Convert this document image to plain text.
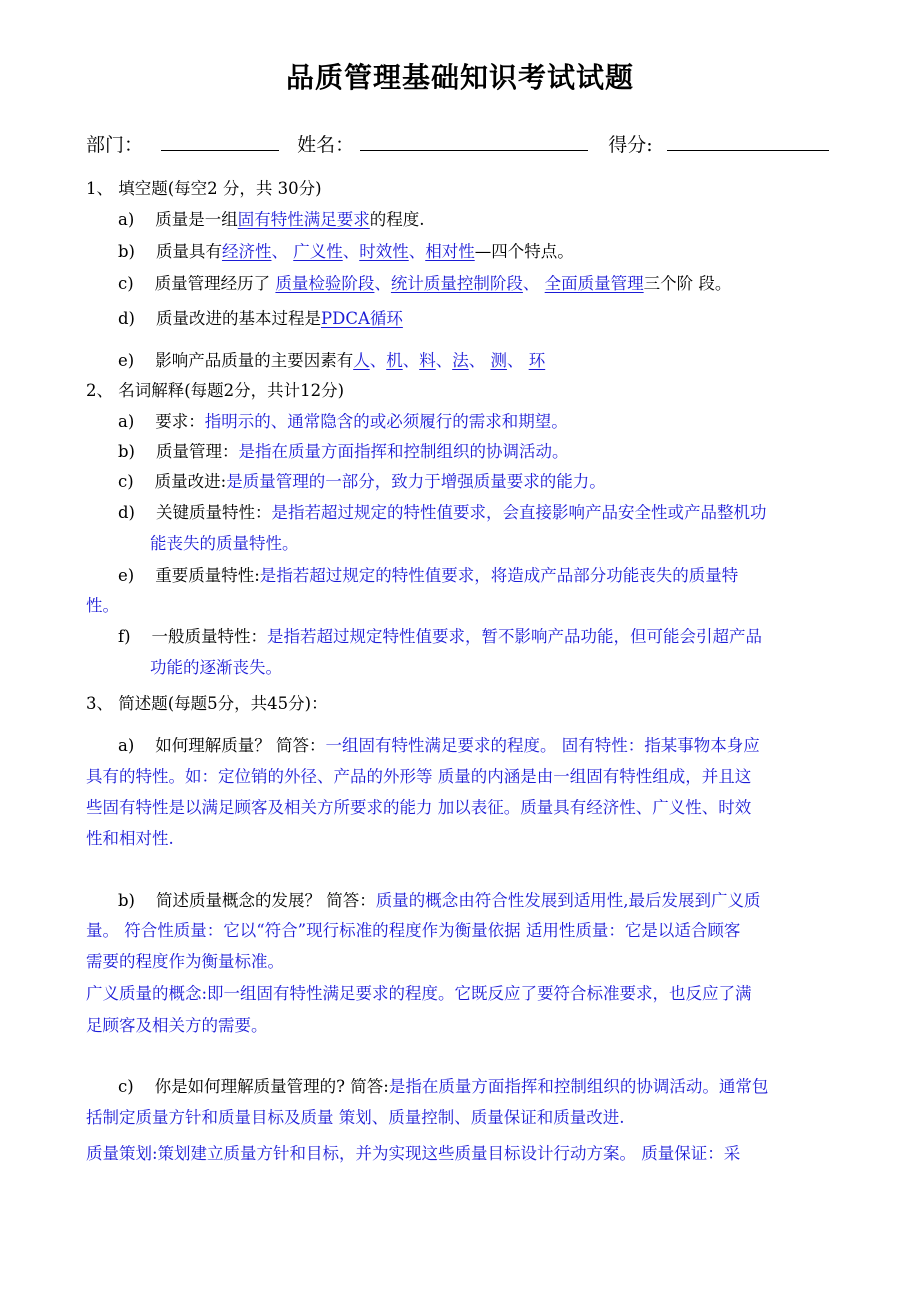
品质管理基础知识考试试题
部门：	姓名：	得分:
1、 填空题(每空2 分，共 30分)
a) 质量是一组固有特性满足要求的程度.
b) 质量具有经济性、 广义性、时效性、相对性—四个特点。
c) 质量管理经历了 质量检验阶段、统计质量控制阶段、 全面质量管理三个阶 段。
d) 质量改进的基本过程是PDCA循环
e) 影响产品质量的主要因素有人、机、料、法、 测、 环
2、 名词解释(每题2分，共计12分)
a) 要求：指明示的、通常隐含的或必须履行的需求和期望。
b) 质量管理：是指在质量方面指挥和控制组织的协调活动。
c) 质量改进:是质量管理的一部分，致力于增强质量要求的能力。
d) 关键质量特性：是指若超过规定的特性值要求，会直接影响产品安全性或产品整机功
能丧失的质量特性。
e) 重要质量特性:是指若超过规定的特性值要求，将造成产品部分功能丧失的质量特
性。
f) 一般质量特性：是指若超过规定特性值要求，暂不影响产品功能，但可能会引超产品
功能的逐渐丧失。
3、 简述题(每题5分，共45分)：
a) 如何理解质量？ 简答：一组固有特性满足要求的程度。 固有特性：指某事物本身应
具有的特性。如：定位销的外径、产品的外形等 质量的内涵是由一组固有特性组成，并且这
些固有特性是以满足顾客及相关方所要求的能力 加以表征。质量具有经济性、广义性、时效
性和相对性.
b) 简述质量概念的发展？ 简答：质量的概念由符合性发展到适用性,最后发展到广义质
量。 符合性质量：它以“符合”现行标准的程度作为衡量依据 适用性质量：它是以适合顾客
需要的程度作为衡量标准。
广义质量的概念:即一组固有特性满足要求的程度。它既反应了要符合标准要求，也反应了满
足顾客及相关方的需要。
c) 你是如何理解质量管理的? 简答:是指在质量方面指挥和控制组织的协调活动。通常包
括制定质量方针和质量目标及质量 策划、质量控制、质量保证和质量改进.
质量策划:策划建立质量方针和目标，并为实现这些质量目标设计行动方案。 质量保证：采
